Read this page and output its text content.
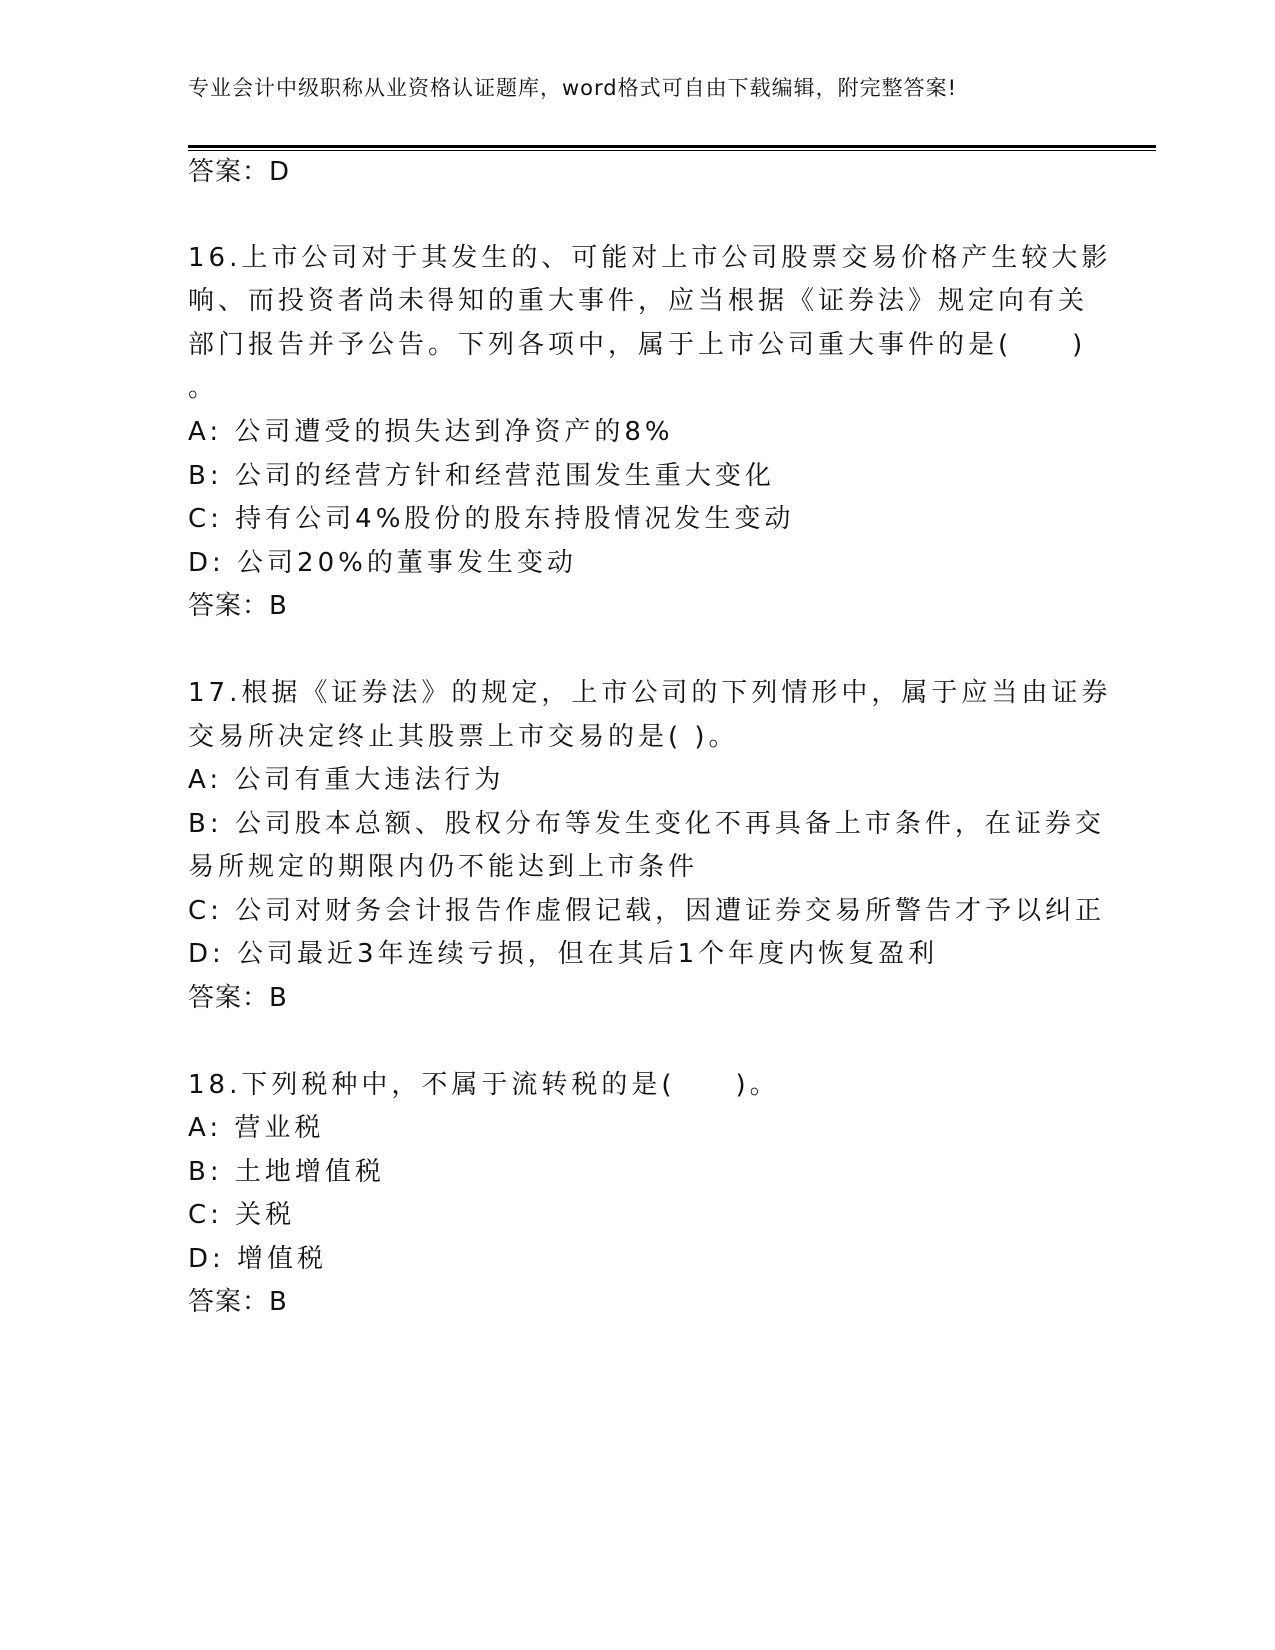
专业会计中级职称从业资格认证题库，word格式可自由下载编辑，附完整答案!
答案：D
16.上市公司对于其发生的、可能对上市公司股票交易价格产生较大影
响、而投资者尚未得知的重大事件，应当根据《证券法》规定向有关
部门报告并予公告。下列各项中，属于上市公司重大事件的是(　　)
。
A: 公司遭受的损失达到净资产的8%
B: 公司的经营方针和经营范围发生重大变化
C: 持有公司4%股份的股东持股情况发生变动
D: 公司20%的董事发生变动
答案：B
17.根据《证券法》的规定，上市公司的下列情形中，属于应当由证券
交易所决定终止其股票上市交易的是( )。
A: 公司有重大违法行为
B: 公司股本总额、股权分布等发生变化不再具备上市条件，在证券交
易所规定的期限内仍不能达到上市条件
C: 公司对财务会计报告作虚假记载，因遭证券交易所警告才予以纠正
D: 公司最近3年连续亏损，但在其后1个年度内恢复盈利
答案：B
18.下列税种中，不属于流转税的是(　　)。
A: 营业税
B: 土地增值税
C: 关税
D: 增值税
答案：B
